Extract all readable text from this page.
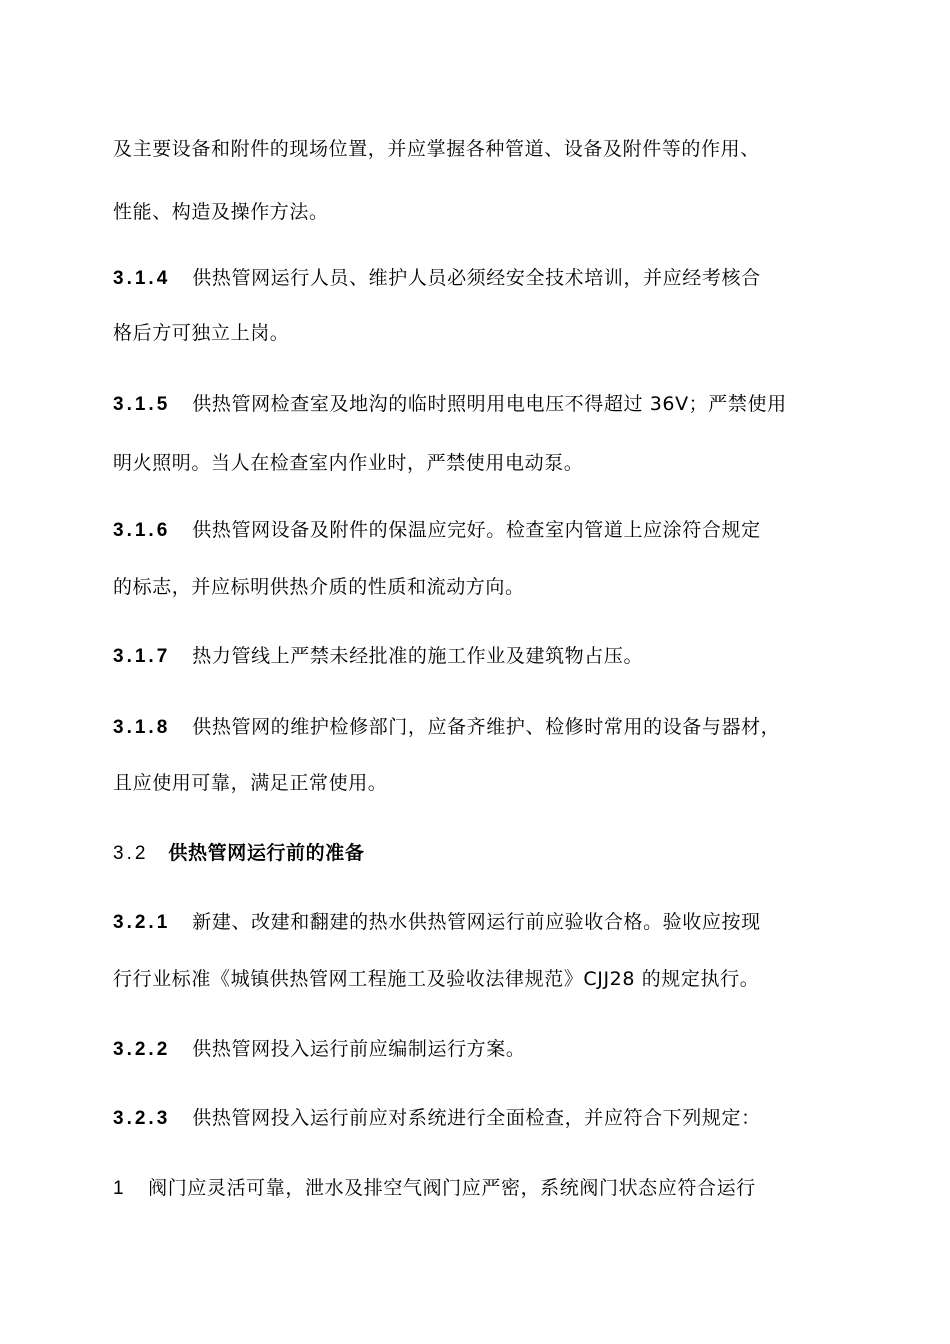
及主要设备和附件的现场位置，并应掌握各种管道、设备及附件等的作用、
性能、构造及操作方法。
3.1.4 供热管网运行人员、维护人员必须经安全技术培训，并应经考核合
格后方可独立上岗。
3.1.5 供热管网检查室及地沟的临时照明用电电压不得超过 36V；严禁使用
明火照明。当人在检查室内作业时，严禁使用电动泵。
3.1.6 供热管网设备及附件的保温应完好。检查室内管道上应涂符合规定
的标志，并应标明供热介质的性质和流动方向。
3.1.7 热力管线上严禁未经批准的施工作业及建筑物占压。
3.1.8 供热管网的维护检修部门，应备齐维护、检修时常用的设备与器材，
且应使用可靠，满足正常使用。
3.2 供热管网运行前的准备
3.2.1 新建、改建和翻建的热水供热管网运行前应验收合格。验收应按现
行行业标准《城镇供热管网工程施工及验收法律规范》CJJ28 的规定执行。
3.2.2 供热管网投入运行前应编制运行方案。
3.2.3 供热管网投入运行前应对系统进行全面检查，并应符合下列规定：
1 阀门应灵活可靠，泄水及排空气阀门应严密，系统阀门状态应符合运行
